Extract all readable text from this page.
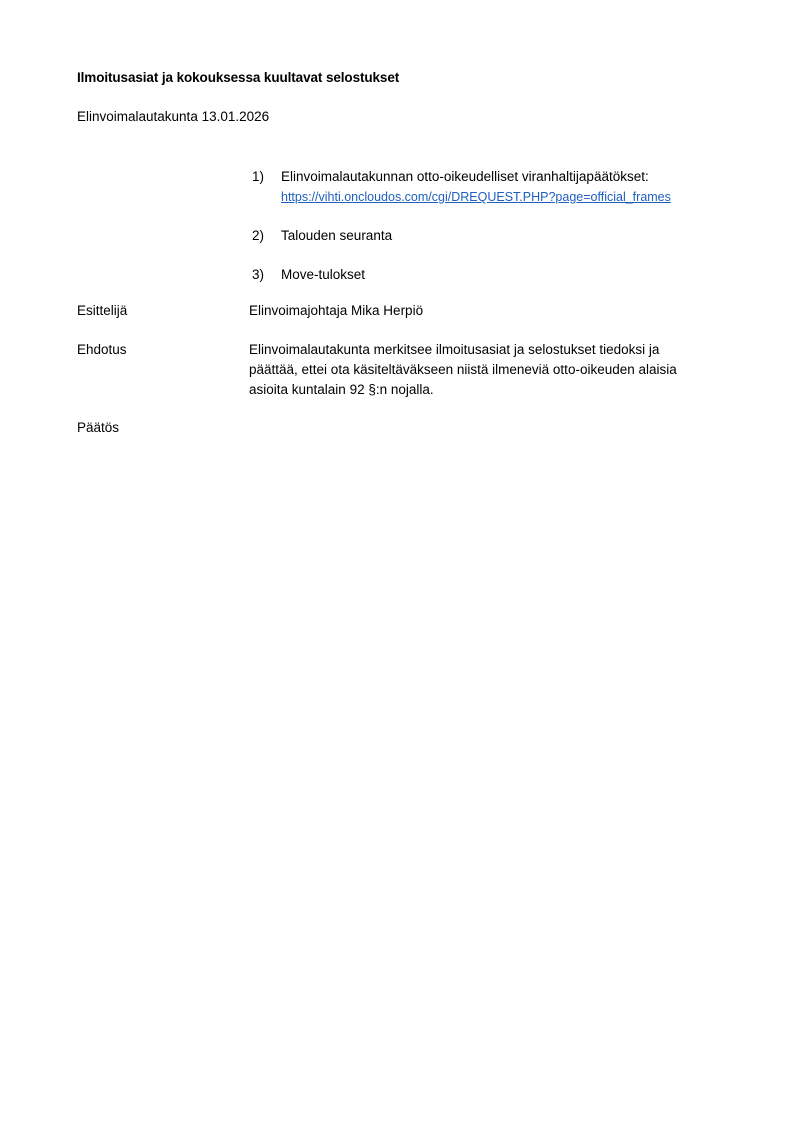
Ilmoitusasiat ja kokouksessa kuultavat selostukset
Elinvoimalautakunta 13.01.2026
1)	Elinvoimalautakunnan otto-oikeudelliset viranhaltijapäätökset:
https://vihti.oncloudos.com/cgi/DREQUEST.PHP?page=official_frames
2)	Talouden seuranta
3)	Move-tulokset
Esittelijä	Elinvoimajohtaja Mika Herpiö
Ehdotus	Elinvoimalautakunta merkitsee ilmoitusasiat ja selostukset tiedoksi ja
päättää, ettei ota käsiteltäväkseen niistä ilmeneviä otto-oikeuden alaisia
asioita kuntalain 92 §:n nojalla.
Päätös
